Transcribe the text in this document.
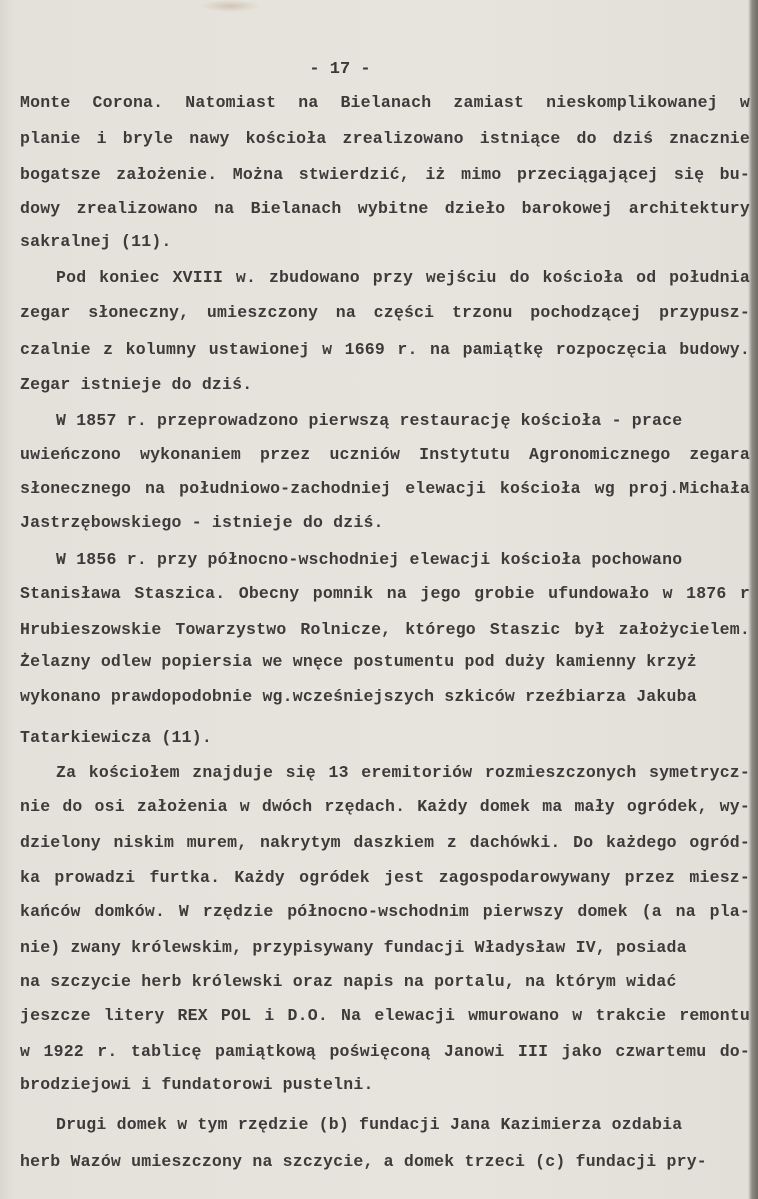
- 17 -
Monte Corona. Natomiast na Bielanach zamiast nieskomplikowanej w
planie i bryle nawy kościoła zrealizowano istniące do dziś znacznie
bogatsze założenie. Można stwierdzić, iż mimo przeciągającej się bu-
dowy zrealizowano na Bielanach wybitne dzieło barokowej architektury
sakralnej (11).
Pod koniec XVIII w. zbudowano przy wejściu do kościoła od południa
zegar słoneczny, umieszczony na części trzonu pochodzącej przypusz-
czalnie z kolumny ustawionej w 1669 r. na pamiątkę rozpoczęcia budowy.
Zegar istnieje do dziś.
W 1857 r. przeprowadzono pierwszą restaurację kościoła - prace
uwieńczono wykonaniem przez uczniów Instytutu Agronomicznego zegara
słonecznego na południowo-zachodniej elewacji kościoła wg proj.Michała
Jastrzębowskiego - istnieje do dziś.
W 1856 r. przy północno-wschodniej elewacji kościoła pochowano
Stanisława Staszica. Obecny pomnik na jego grobie ufundowało w 1876 r
Hrubieszowskie Towarzystwo Rolnicze, którego Staszic był założycielem.
Żelazny odlew popiersia we wnęce postumentu pod duży kamienny krzyż
wykonano prawdopodobnie wg.wcześniejszych szkiców rzeźbiarza Jakuba
Tatarkiewicza (11).
Za kościołem znajduje się 13 eremitoriów rozmieszczonych symetrycz-
nie do osi założenia w dwóch rzędach. Każdy domek ma mały ogródek, wy-
dzielony niskim murem, nakrytym daszkiem z dachówki. Do każdego ogród-
ka prowadzi furtka. Każdy ogródek jest zagospodarowywany przez miesz-
kańców domków. W rzędzie północno-wschodnim pierwszy domek (a na pla-
nie) zwany królewskim, przypisywany fundacji Władysław IV, posiada
na szczycie herb królewski oraz napis na portalu, na którym widać
jeszcze litery REX POL i D.O. Na elewacji wmurowano w trakcie remontu
w 1922 r. tablicę pamiątkową poświęconą Janowi III jako czwartemu do-
brodziejowi i fundatorowi pustelni.
Drugi domek w tym rzędzie (b) fundacji Jana Kazimierza ozdabia
herb Wazów umieszczony na szczycie, a domek trzeci (c) fundacji pry-
